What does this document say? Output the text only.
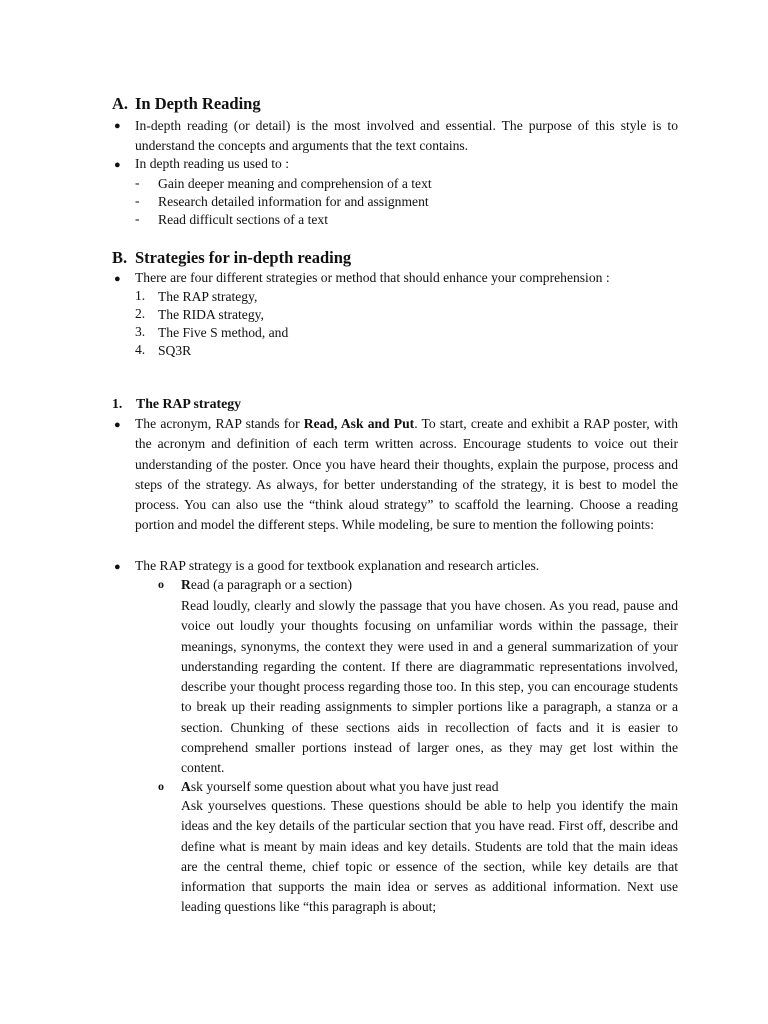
A. In Depth Reading
● In-depth reading (or detail) is the most involved and essential. The purpose of this style is to understand the concepts and arguments that the text contains.
● In depth reading us used to :
- Gain deeper meaning and comprehension of a text
- Research detailed information for and assignment
- Read difficult sections of a text
B. Strategies for in-depth reading
● There are four different strategies or method that should enhance your comprehension :
1. The RAP strategy,
2. The RIDA strategy,
3. The Five S method, and
4. SQ3R
1. The RAP strategy
● The acronym, RAP stands for Read, Ask and Put. To start, create and exhibit a RAP poster, with the acronym and definition of each term written across. Encourage students to voice out their understanding of the poster. Once you have heard their thoughts, explain the purpose, process and steps of the strategy. As always, for better understanding of the strategy, it is best to model the process. You can also use the “think aloud strategy” to scaffold the learning. Choose a reading portion and model the different steps. While modeling, be sure to mention the following points:
● The RAP strategy is a good for textbook explanation and research articles.
o Read (a paragraph or a section)
Read loudly, clearly and slowly the passage that you have chosen. As you read, pause and voice out loudly your thoughts focusing on unfamiliar words within the passage, their meanings, synonyms, the context they were used in and a general summarization of your understanding regarding the content. If there are diagrammatic representations involved, describe your thought process regarding those too. In this step, you can encourage students to break up their reading assignments to simpler portions like a paragraph, a stanza or a section. Chunking of these sections aids in recollection of facts and it is easier to comprehend smaller portions instead of larger ones, as they may get lost within the content.
o Ask yourself some question about what you have just read
Ask yourselves questions. These questions should be able to help you identify the main ideas and the key details of the particular section that you have read. First off, describe and define what is meant by main ideas and key details. Students are told that the main ideas are the central theme, chief topic or essence of the section, while key details are that information that supports the main idea or serves as additional information. Next use leading questions like “this paragraph is about;
